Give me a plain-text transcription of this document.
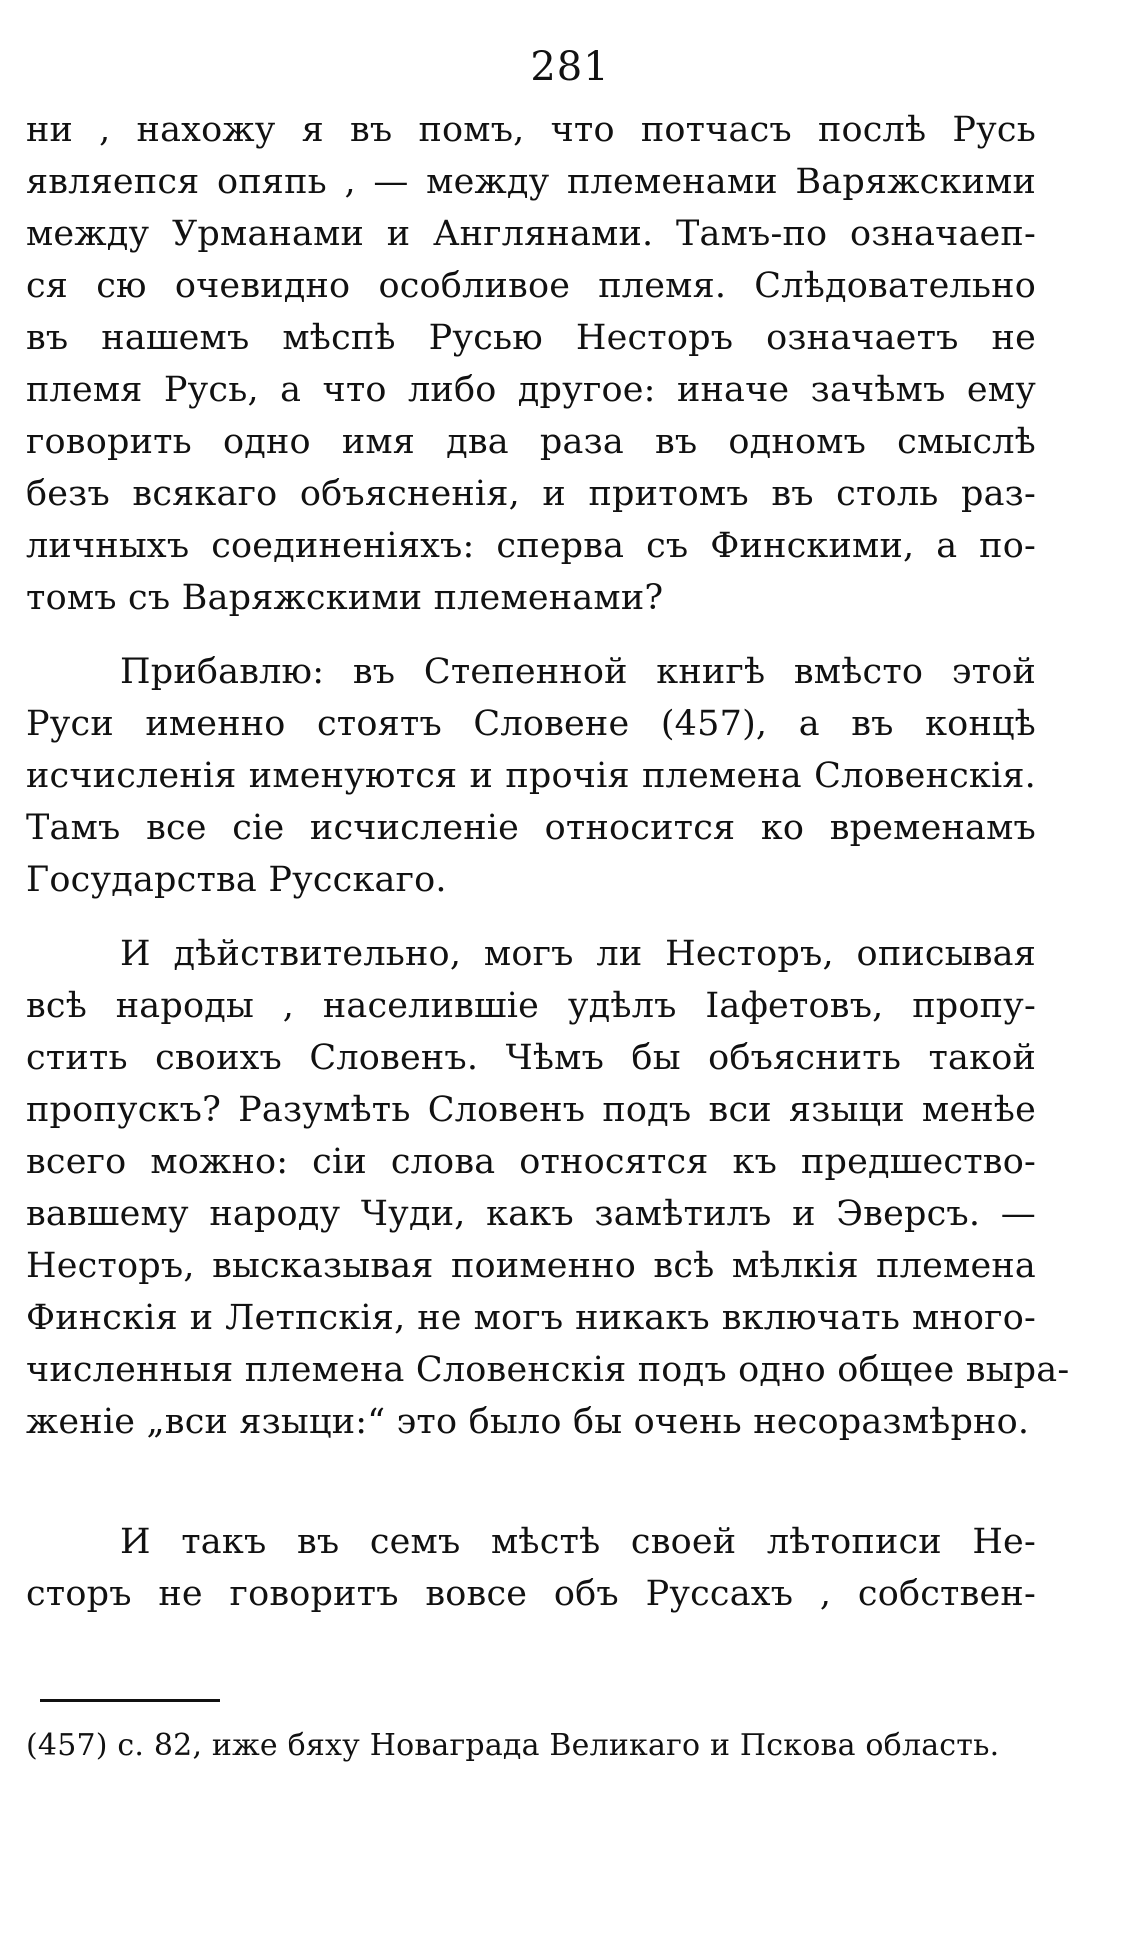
281
ни , нахожу я въ помъ, что потчасъ послѣ Русь
являепся опяпь , — между племенами Варяжскими
между Урманами и Англянами. Тамъ-по означаеп-
ся сю очевидно особливое племя. Слѣдовательно
въ нашемъ мѣспѣ Русью Несторъ означаетъ не
племя Русь, а что либо другое: иначе зачѣмъ ему
говорить одно имя два раза въ одномъ смыслѣ
безъ всякаго объясненія, и притомъ въ столь раз-
личныхъ соединеніяхъ: сперва съ Финскими, а по-
томъ съ Варяжскими племенами?
Прибавлю: въ Степенной книгѣ вмѣсто этой
Руси именно стоятъ Словене (457), а въ концѣ
исчисленія именуются и прочія племена Словенскія.
Тамъ все сіе исчисленіе относится ко временамъ
Государства Русскаго.
И дѣйствительно, могъ ли Несторъ, описывая
всѣ народы , населившіе удѣлъ Іафетовъ, пропу-
стить своихъ Словенъ. Чѣмъ бы объяснить такой
пропускъ? Разумѣть Словенъ подъ вси языци менѣе
всего можно: сіи слова относятся къ предшество-
вавшему народу Чуди, какъ замѣтилъ и Эверсъ. —
Несторъ, высказывая поименно всѣ мѣлкія племена
Финскія и Летпскія, не могъ никакъ включать много-
численныя племена Словенскія подъ одно общее выра-
женіе „вси языци:“ это было бы очень несоразмѣрно.
И такъ въ семъ мѣстѣ своей лѣтописи Не-
сторъ не говоритъ вовсе объ Руссахъ , собствен-
(457) с. 82, иже бяху Новаграда Великаго и Пскова область.
